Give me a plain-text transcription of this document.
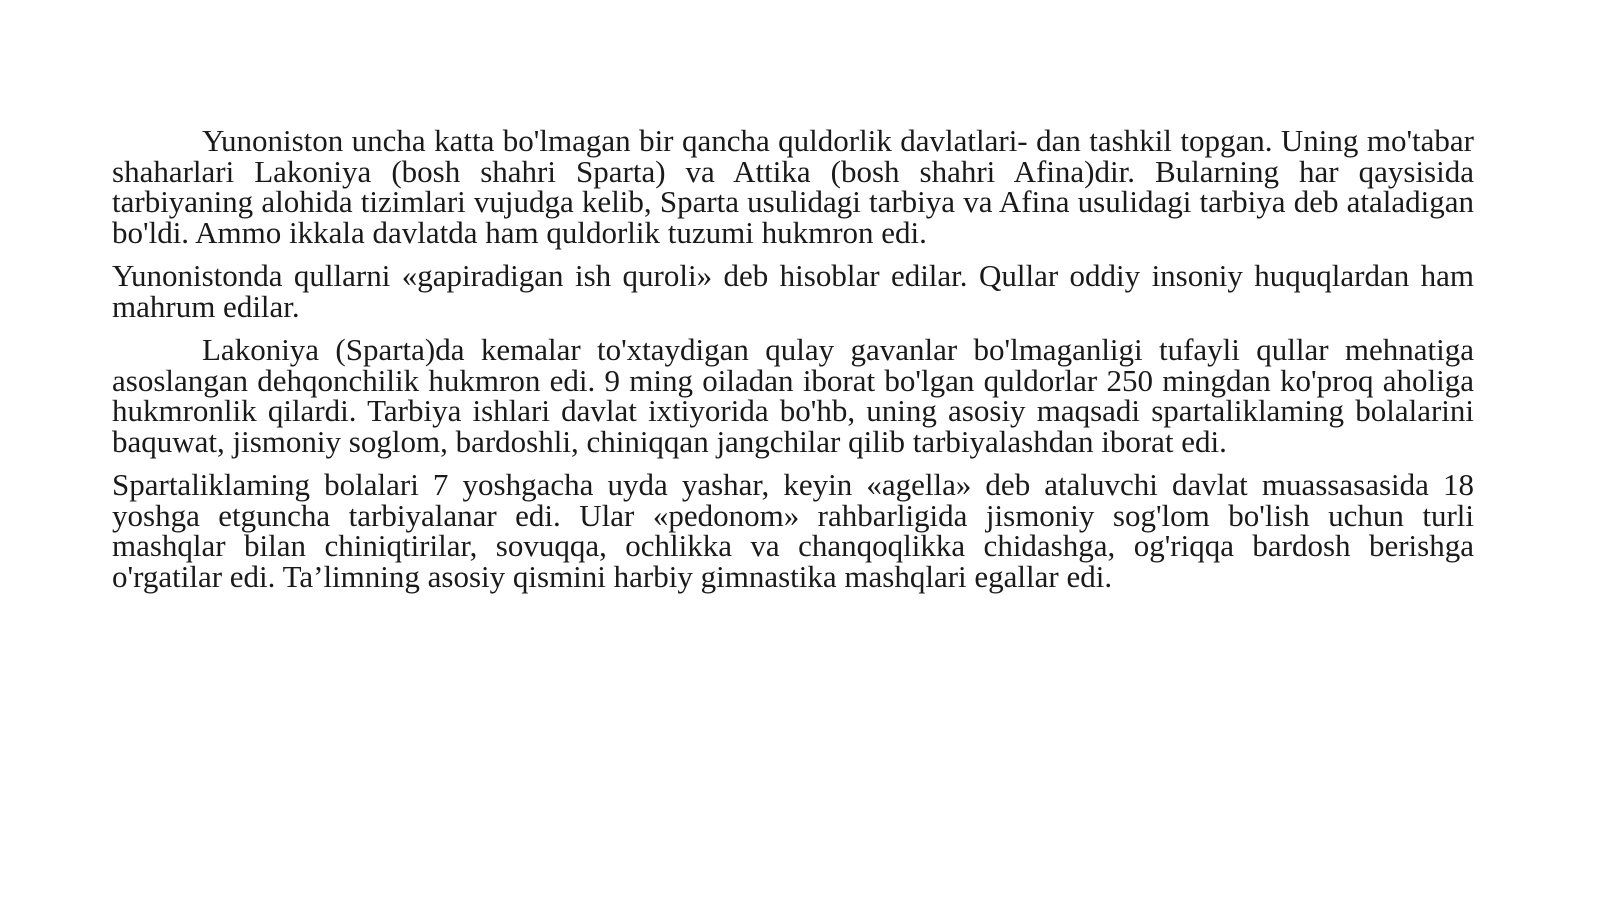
Yunoniston uncha katta bo'lmagan bir qancha quldorlik davlatlari- dan tashkil topgan. Uning mo'tabar shaharlari Lakoniya (bosh shahri Sparta) va Attika (bosh shahri Afina)dir. Bularning har qaysisida tarbiyaning alohida tizimlari vujudga kelib, Sparta usulidagi tarbiya va Afina usulidagi tarbiya deb ataladigan bo'ldi. Ammo ikkala davlatda ham quldorlik tuzumi hukmron edi.

Yunonistonda qullarni «gapiradigan ish quroli» deb hisoblar edilar. Qullar oddiy insoniy huquqlardan ham mahrum edilar.

Lakoniya (Sparta)da kemalar to'xtaydigan qulay gavanlar bo'lmaganligi tufayli qullar mehnatiga asoslangan dehqonchilik hukmron edi. 9 ming oiladan iborat bo'lgan quldorlar 250 mingdan ko'proq aholiga hukmronlik qilardi. Tarbiya ishlari davlat ixtiyorida bo'hb, uning asosiy maqsadi spartaliklaming bolalarini baquwat, jismoniy soglom, bardoshli, chiniqqan jangchilar qilib tarbiyalashdan iborat edi.

Spartaliklaming bolalari 7 yoshgacha uyda yashar, keyin «agella» deb ataluvchi davlat muassasasida 18 yoshga etguncha tarbiyalanar edi. Ular «pedonom» rahbarligida jismoniy sog'lom bo'lish uchun turli mashqlar bilan chiniqtirilar, sovuqqa, ochlikka va chanqoqlikka chidashga, og'riqqa bardosh berishga o'rgatilar edi. Ta’limning asosiy qismini harbiy gimnastika mashqlari egallar edi.
